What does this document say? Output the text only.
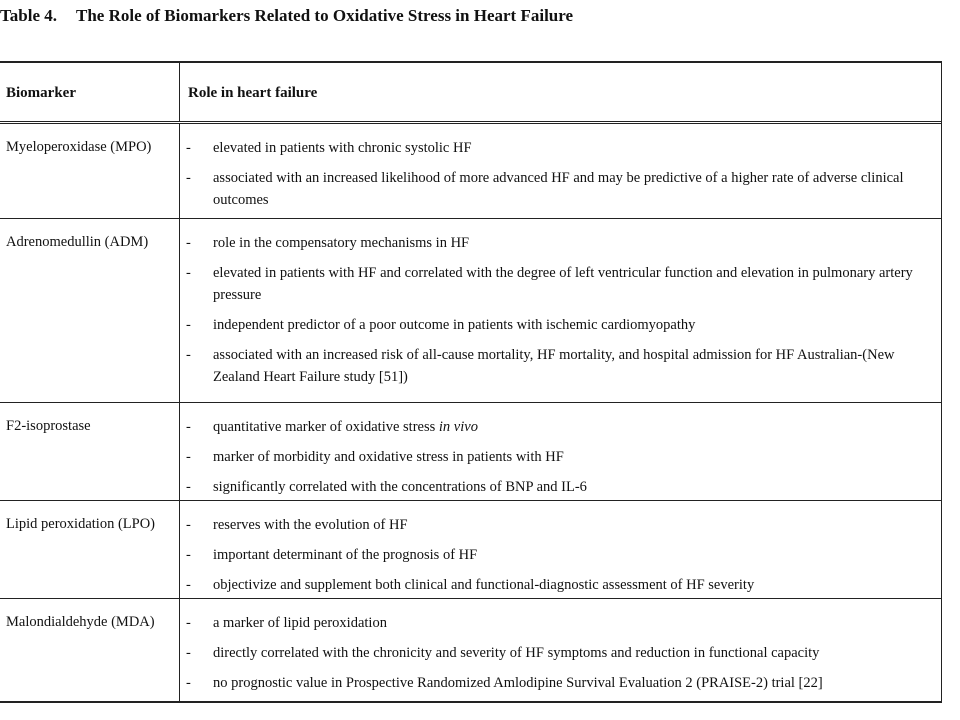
Table 4. The Role of Biomarkers Related to Oxidative Stress in Heart Failure
Biomarker	Role in heart failure
Myeloperoxidase (MPO) - elevated in patients with chronic systolic HF
- associated with an increased likelihood of more advanced HF and may be predictive of a higher rate of adverse clinical outcomes
Adrenomedullin (ADM)	- role in the compensatory mechanisms in HF
- elevated in patients with HF and correlated with the degree of left ventricular function and elevation in pulmonary artery pressure
- independent predictor of a poor outcome in patients with ischemic cardiomyopathy
- associated with an increased risk of all-cause mortality, HF mortality, and hospital admission for HF Australian-(New Zealand Heart Failure study [51])
F2-isoprostase	- quantitative marker of oxidative stress in vivo
- marker of morbidity and oxidative stress in patients with HF
- significantly correlated with the concentrations of BNP and IL-6
Lipid peroxidation (LPO) - reserves with the evolution of HF
- important determinant of the prognosis of HF
- objectivize and supplement both clinical and functional-diagnostic assessment of HF severity
Malondialdehyde (MDA) - a marker of lipid peroxidation
- directly correlated with the chronicity and severity of HF symptoms and reduction in functional capacity
- no prognostic value in Prospective Randomized Amlodipine Survival Evaluation 2 (PRAISE-2) trial [22]
